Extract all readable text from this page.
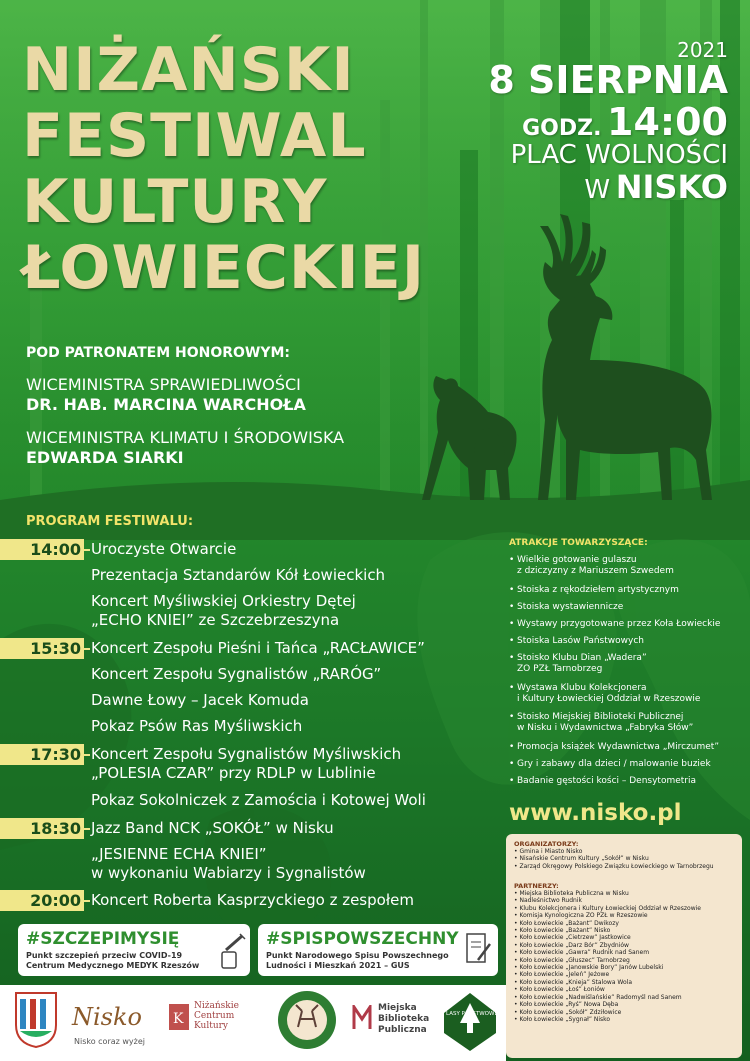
NIŻAŃSKI
FESTIWAL
KULTURY
ŁOWIECKIEJ
2021
8 SIERPNIA
GODZ. 14:00
PLAC WOLNOŚCI
W NISKO
POD PATRONATEM HONOROWYM:
WICEMINISTRA SPRAWIEDLIWOŚCI
DR. HAB. MARCINA WARCHOŁA
WICEMINISTRA KLIMATU I ŚRODOWISKA
EDWARDA SIARKI
PROGRAM FESTIWALU:
14:00 Uroczyste Otwarcie
Prezentacja Sztandarów Kół Łowieckich
Koncert Myśliwskiej Orkiestry Dętej
„ECHO KNIEI” ze Szczebrzeszyna
15:30 Koncert Zespołu Pieśni i Tańca „RACŁAWICE”
Koncert Zespołu Sygnalistów „RARÓG”
Dawne Łowy – Jacek Komuda
Pokaz Psów Ras Myśliwskich
17:30 Koncert Zespołu Sygnalistów Myśliwskich
„POLESIA CZAR” przy RDLP w Lublinie
Pokaz Sokolniczek z Zamościa i Kotowej Woli
18:30 Jazz Band NCK „SOKÓŁ” w Nisku
„JESIENNE ECHA KNIEI”
w wykonaniu Wabiarzy i Sygnalistów
20:00 Koncert Roberta Kasprzyckiego z zespołem
ATRAKCJE TOWARZYSZĄCE:
• Wielkie gotowanie gulaszu
z dziczyzny z Mariuszem Szwedem
• Stoiska z rękodziełem artystycznym
• Stoiska wystawiennicze
• Wystawy przygotowane przez Koła Łowieckie
• Stoiska Lasów Państwowych
• Stoisko Klubu Dian „Wadera”
ZO PZŁ Tarnobrzeg
• Wystawa Klubu Kolekcjonera
i Kultury Łowieckiej Oddział w Rzeszowie
• Stoisko Miejskiej Biblioteki Publicznej
w Nisku i Wydawnictwa „Fabryka Słów”
• Promocja książek Wydawnictwa „Mirczumet”
• Gry i zabawy dla dzieci / malowanie buziek
• Badanie gęstości kości – Densytometria
www.nisko.pl
ORGANIZATORZY:
• Gmina i Miasto Nisko
• Nisańskie Centrum Kultury „Sokół” w Nisku
• Zarząd Okręgowy Polskiego Związku Łowieckiego w Tarnobrzegu
PARTNERZY:
• Miejska Biblioteka Publiczna w Nisku
• Nadleśnictwo Rudnik
• Klubu Kolekcjonera i Kultury Łowieckiej Oddział w Rzeszowie
• Komisja Kynologiczna ZO PZŁ w Rzeszowie
• Koło Łowieckie „Bażant” Dwikozy
• Koło Łowieckie „Bażant” Nisko
• Koło Łowieckie „Cietrzew” Jastkowice
• Koło Łowieckie „Darz Bór” Zbydniów
• Koło Łowieckie „Gawra” Rudnik nad Sanem
• Koło Łowieckie „Głuszec” Tarnobrzeg
• Koło Łowieckie „Janowskie Bory” Janów Lubelski
• Koło Łowieckie „Jeleń” Jeżowe
• Koło Łowieckie „Knieja” Stalowa Wola
• Koło Łowieckie „Łoś” Łoniów
• Koło Łowieckie „Nadwiślańskie” Radomyśl nad Sanem
• Koło Łowieckie „Ryś” Nowa Dęba
• Koło Łowieckie „Sokół” Zdziłowice
• Koło Łowieckie „Sygnał” Nisko
#SZCZEPIMYSIĘ
Punkt szczepień przeciw COVID-19
Centrum Medycznego MEDYK Rzeszów
#SPISPOWSZECHNY
Punkt Narodowego Spisu Powszechnego
Ludności i Mieszkań 2021 – GUS
Nisko
Nisko coraz wyżej
K
Niżańskie
Centrum
Kultury
Miejska
Biblioteka
Publiczna
LASY PAŃSTWOWE
